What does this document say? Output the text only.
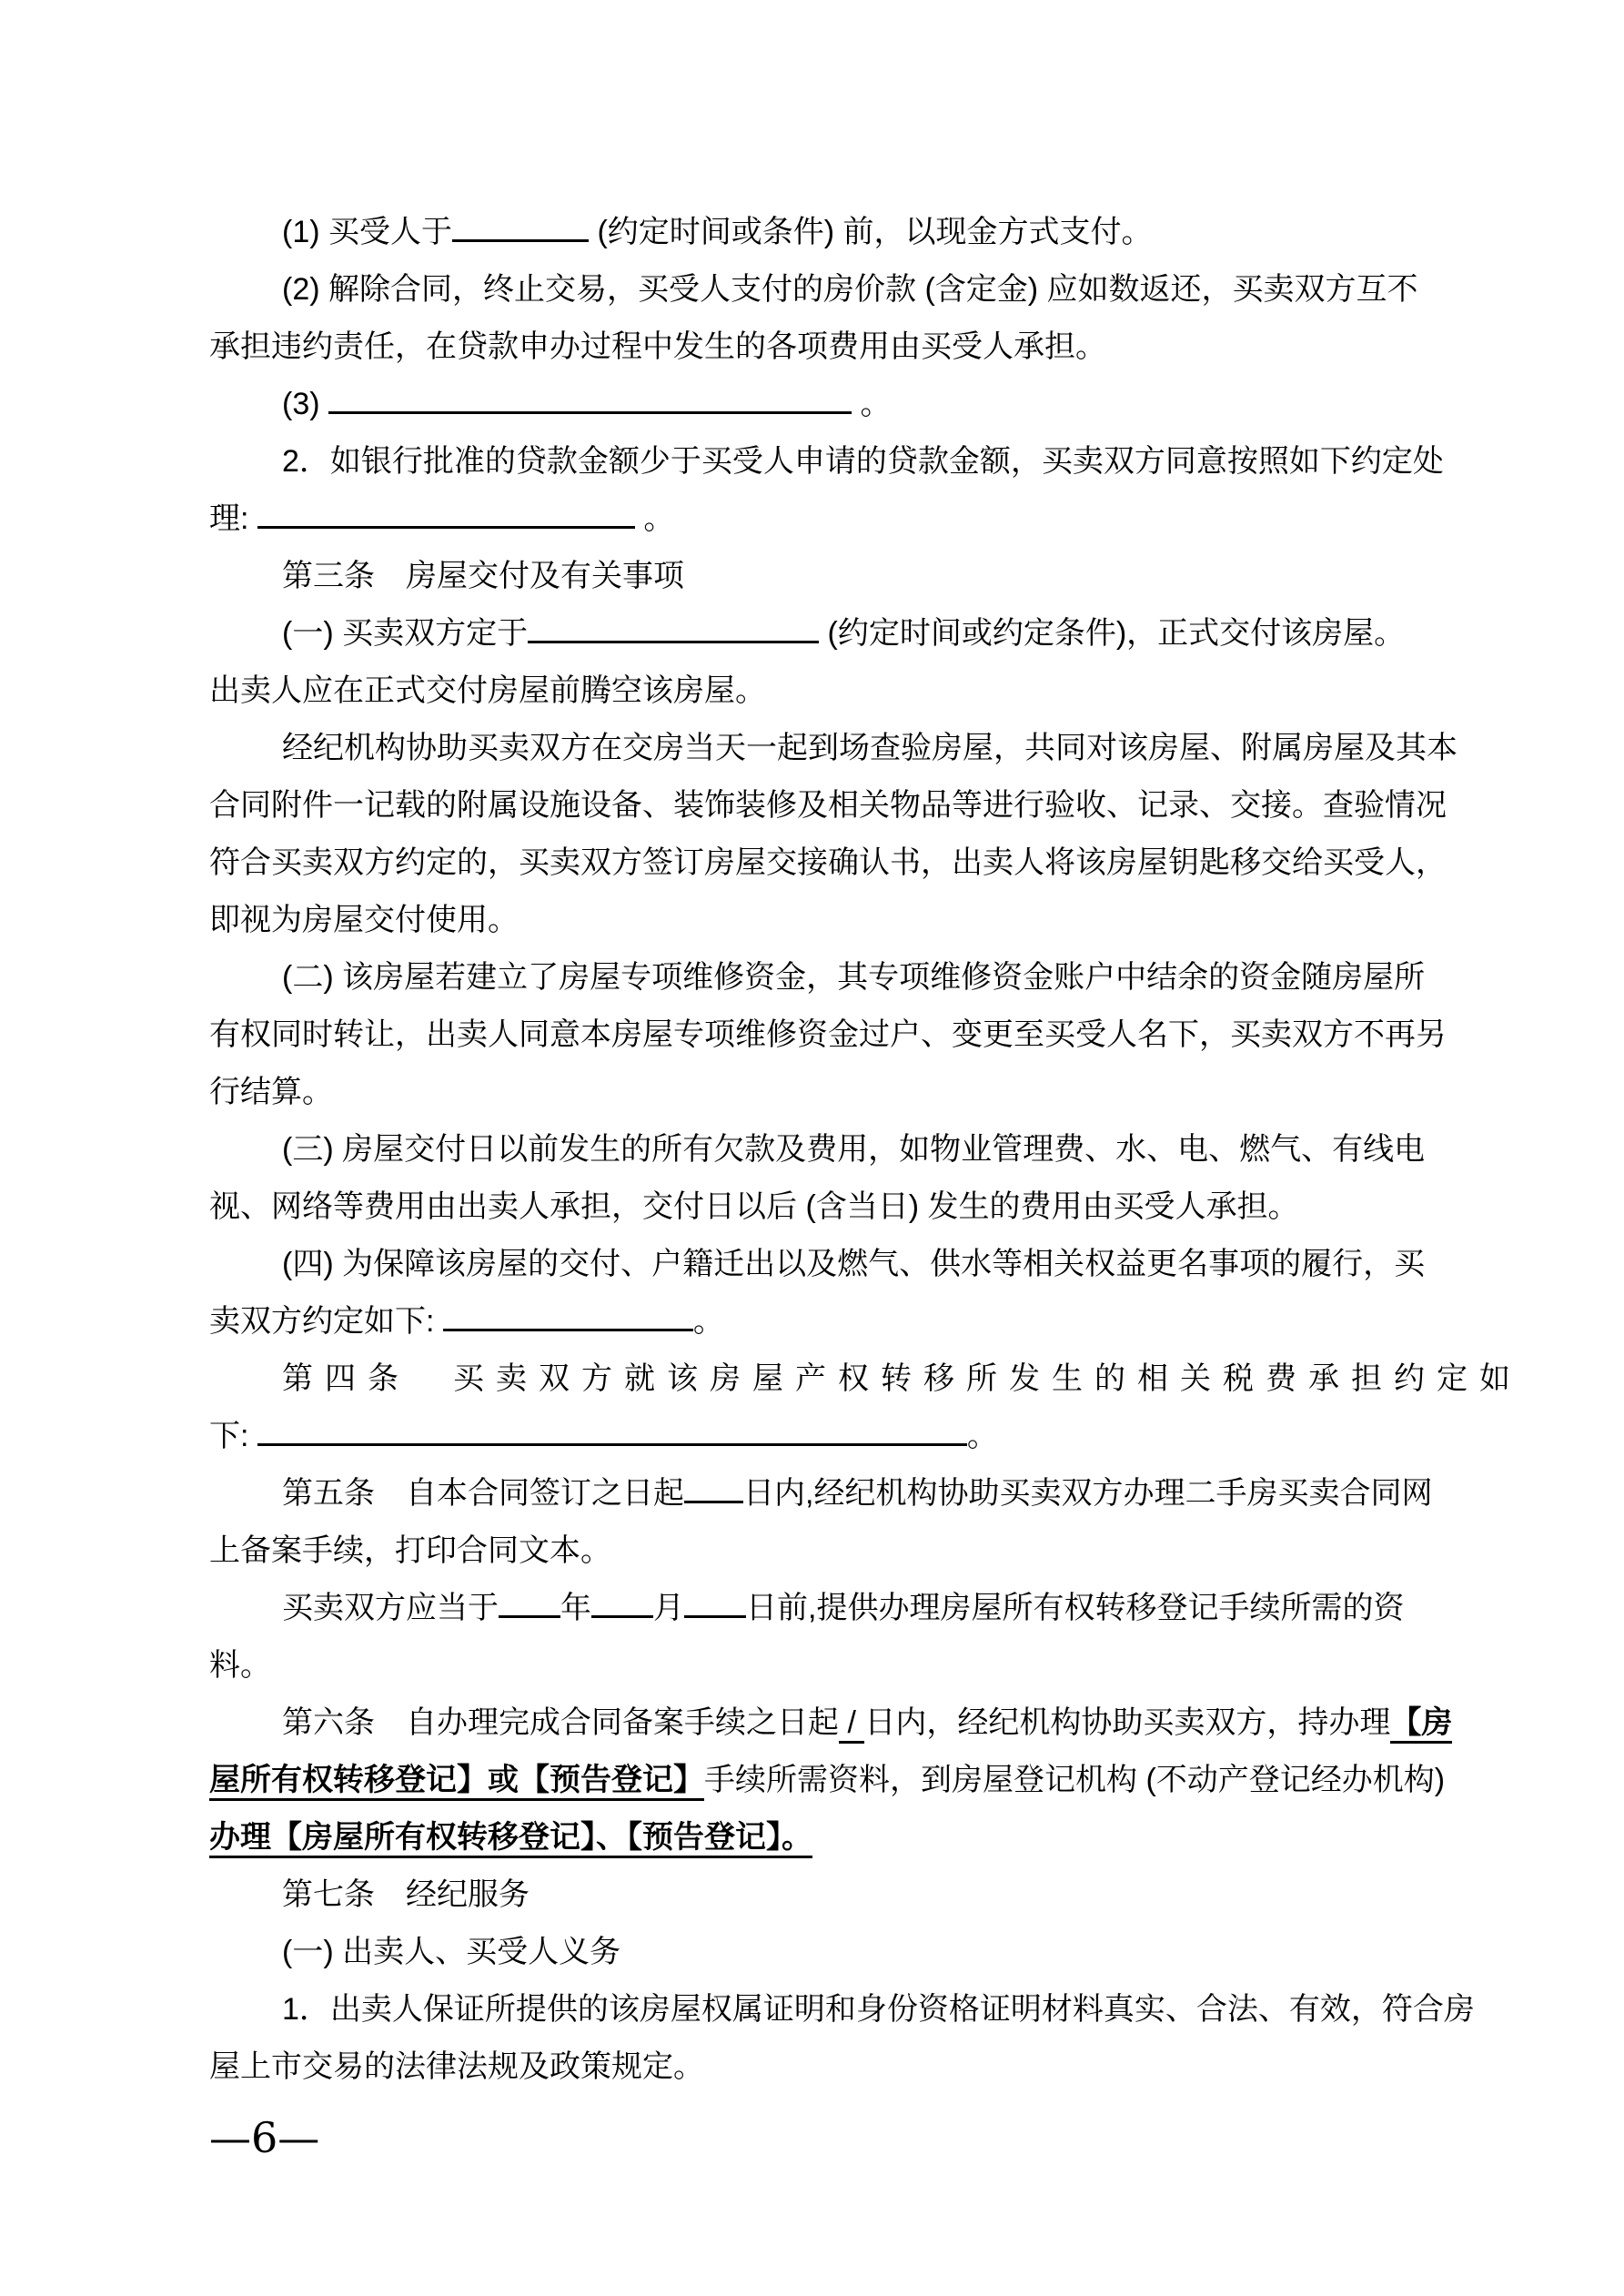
(1) 买受人于	(约定时间或条件) 前，以现金方式支付。
(2) 解除合同，终止交易，买受人支付的房价款 (含定金) 应如数返还，买卖双方互不
承担违约责任，在贷款申办过程中发生的各项费用由买受人承担。
(3)	。
2．如银行批准的贷款金额少于买受人申请的贷款金额，买卖双方同意按照如下约定处
理:	。
第三条　房屋交付及有关事项
(一) 买卖双方定于	(约定时间或约定条件)，正式交付该房屋。
出卖人应在正式交付房屋前腾空该房屋。
经纪机构协助买卖双方在交房当天一起到场查验房屋，共同对该房屋、附属房屋及其本
合同附件一记载的附属设施设备、装饰装修及相关物品等进行验收、记录、交接。查验情况
符合买卖双方约定的，买卖双方签订房屋交接确认书，出卖人将该房屋钥匙移交给买受人，
即视为房屋交付使用。
(二) 该房屋若建立了房屋专项维修资金，其专项维修资金账户中结余的资金随房屋所
有权同时转让，出卖人同意本房屋专项维修资金过户、变更至买受人名下，买卖双方不再另
行结算。
(三) 房屋交付日以前发生的所有欠款及费用，如物业管理费、水、电、燃气、有线电
视、网络等费用由出卖人承担，交付日以后 (含当日) 发生的费用由买受人承担。
(四) 为保障该房屋的交付、户籍迁出以及燃气、供水等相关权益更名事项的履行，买
卖双方约定如下:	。
第四条　买卖双方就该房屋产权转移所发生的相关税费承担约定如
下:	。
第五条　自本合同签订之日起 日内,经纪机构协助买卖双方办理二手房买卖合同网
上备案手续，打印合同文本。
买卖双方应当于 年 月 日前,提供办理房屋所有权转移登记手续所需的资
料。
第六条　自办理完成合同备案手续之日起 / 日内，经纪机构协助买卖双方，持办理【房
屋所有权转移登记】或【预告登记】手续所需资料，到房屋登记机构 (不动产登记经办机构)
办理【房屋所有权转移登记】、【预告登记】。
第七条　经纪服务
(一) 出卖人、买受人义务
1．出卖人保证所提供的该房屋权属证明和身份资格证明材料真实、合法、有效，符合房
屋上市交易的法律法规及政策规定。
—6—
